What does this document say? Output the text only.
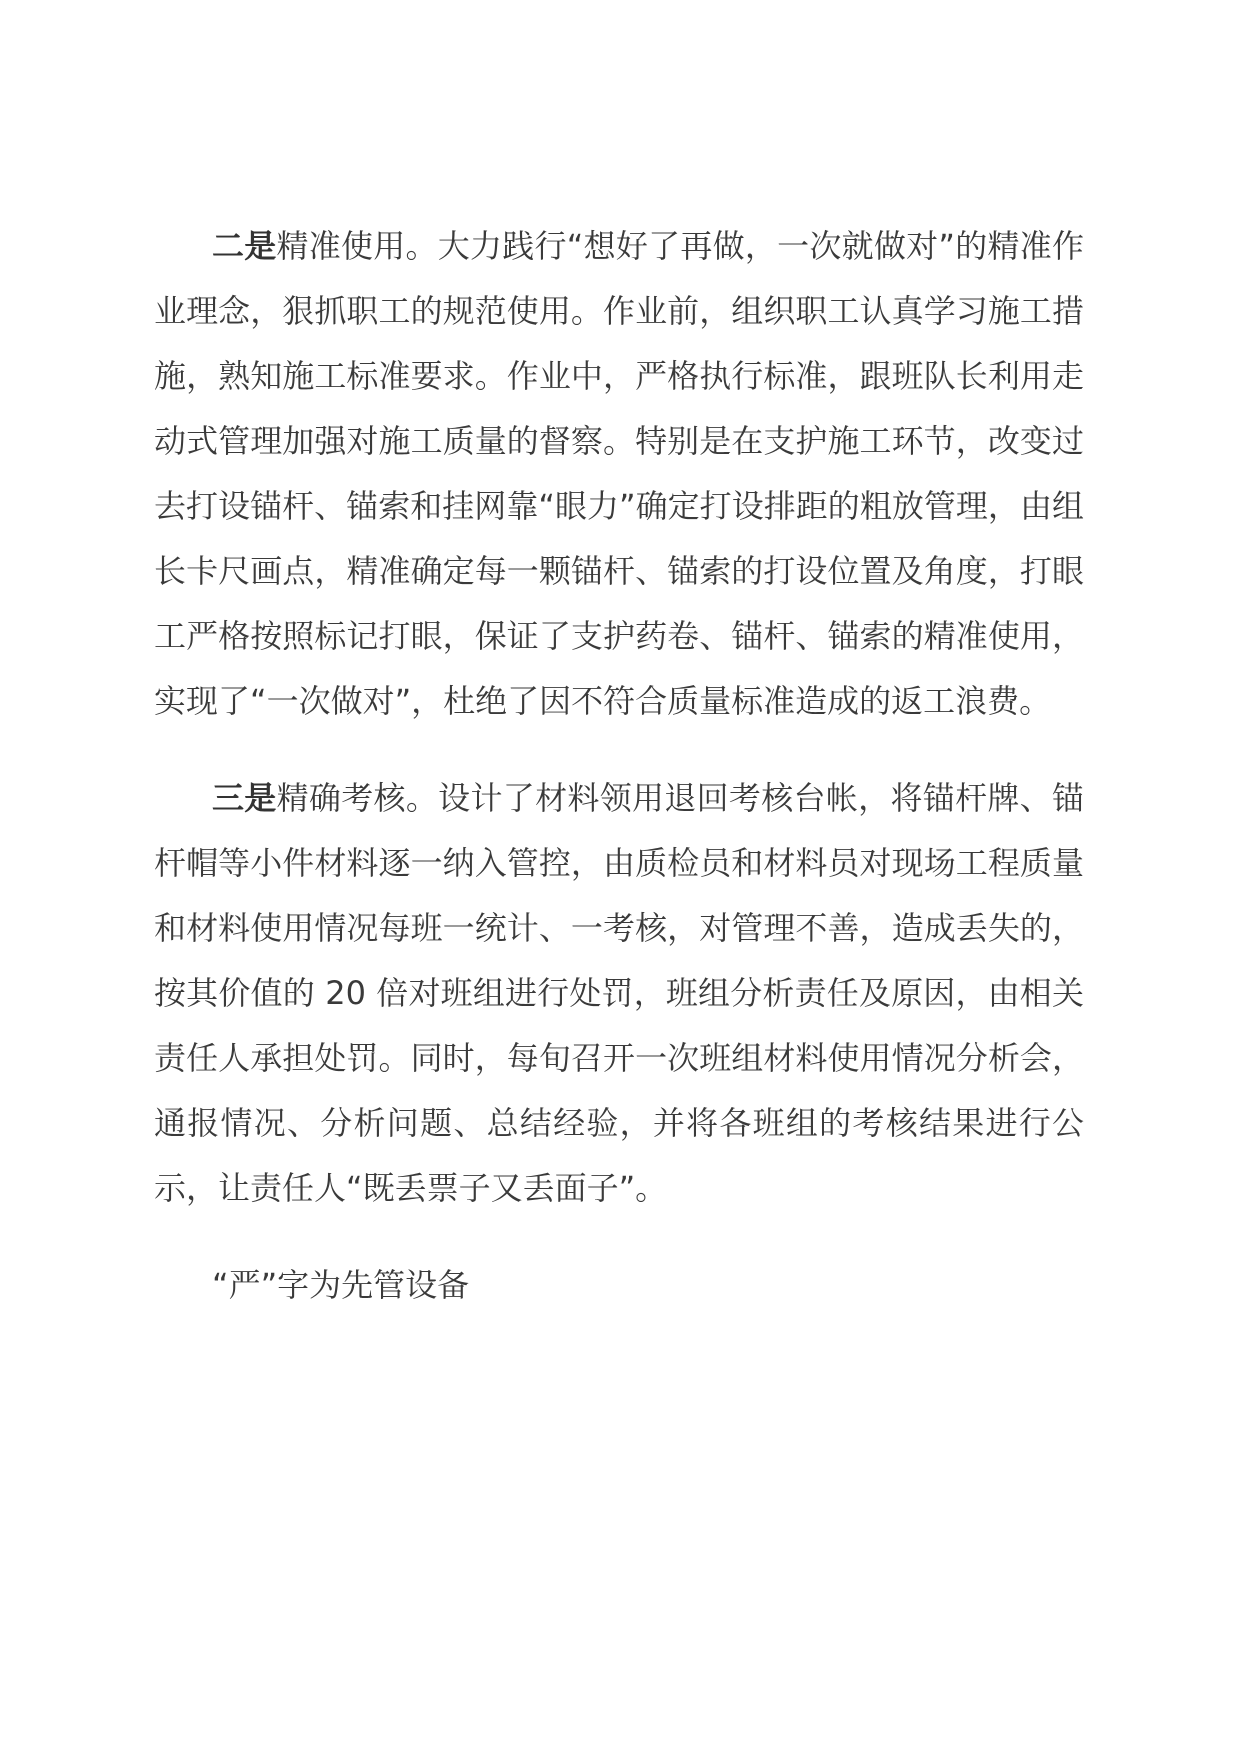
二是精准使用。大力践行“想好了再做，一次就做对”的精准作业理念，狠抓职工的规范使用。作业前，组织职工认真学习施工措施，熟知施工标准要求。作业中，严格执行标准，跟班队长利用走动式管理加强对施工质量的督察。特别是在支护施工环节，改变过去打设锚杆、锚索和挂网靠“眼力”确定打设排距的粗放管理，由组长卡尺画点，精准确定每一颗锚杆、锚索的打设位置及角度，打眼工严格按照标记打眼，保证了支护药卷、锚杆、锚索的精准使用，实现了“一次做对”，杜绝了因不符合质量标准造成的返工浪费。

三是精确考核。设计了材料领用退回考核台帐，将锚杆牌、锚杆帽等小件材料逐一纳入管控，由质检员和材料员对现场工程质量和材料使用情况每班一统计、一考核，对管理不善，造成丢失的，按其价值的 20 倍对班组进行处罚，班组分析责任及原因，由相关责任人承担处罚。同时，每旬召开一次班组材料使用情况分析会，通报情况、分析问题、总结经验，并将各班组的考核结果进行公示，让责任人“既丢票子又丢面子”。

“严”字为先管设备
